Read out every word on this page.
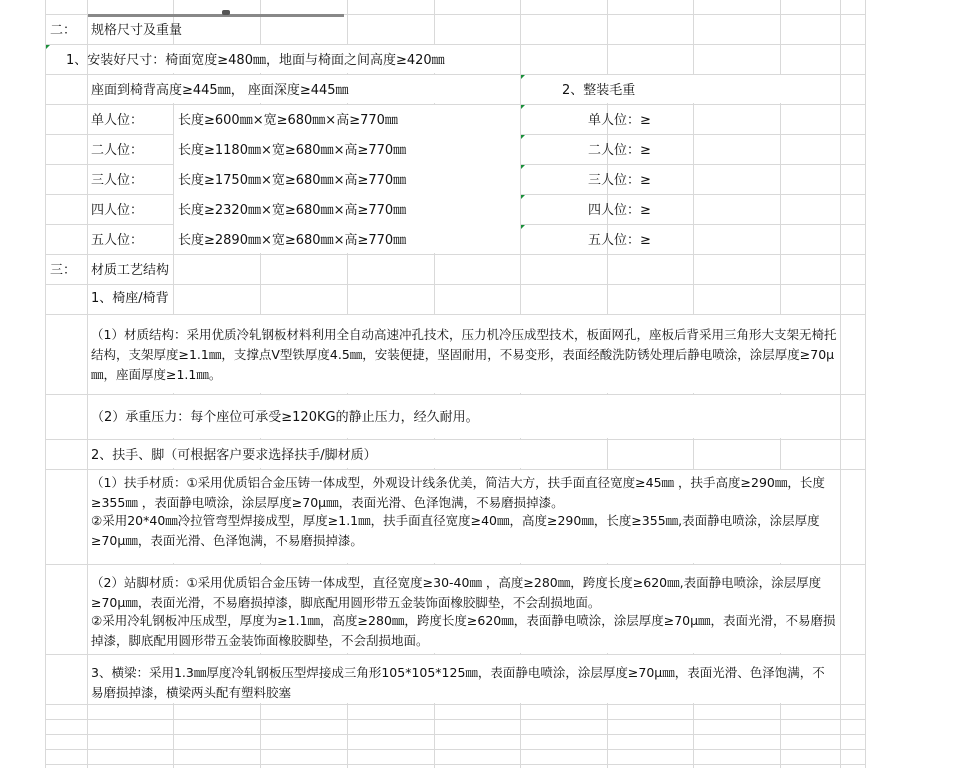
二： 规格尺寸及重量
1、安装好尺寸：椅面宽度≥480㎜，地面与椅面之间高度≥420㎜
座面到椅背高度≥445㎜， 座面深度≥445㎜	2、整装毛重
单人位：	长度≥600㎜×宽≥680㎜×高≥770㎜	单人位：≥
二人位：	长度≥1180㎜×宽≥680㎜×高≥770㎜	二人位：≥
三人位：	长度≥1750㎜×宽≥680㎜×高≥770㎜	三人位：≥
四人位：	长度≥2320㎜×宽≥680㎜×高≥770㎜	四人位：≥
五人位：	长度≥2890㎜×宽≥680㎜×高≥770㎜	五人位：≥
三： 材质工艺结构
1、椅座/椅背
（1）材质结构：采用优质冷轧钢板材料利用全自动高速冲孔技术，压力机冷压成型技术，板面网孔，座板后背采用三角形大支架无椅托结构，支架厚度≥1.1㎜，支撑点V型铁厚度4.5㎜，安装便捷，坚固耐用，不易变形，表面经酸洗防锈处理后静电喷涂，涂层厚度≥70μ㎜，座面厚度≥1.1㎜。
（2）承重压力：每个座位可承受≥120KG的静止压力，经久耐用。
2、扶手、脚（可根据客户要求选择扶手/脚材质）
（1）扶手材质：①采用优质铝合金压铸一体成型，外观设计线条优美，简洁大方，扶手面直径宽度≥45㎜ ，扶手高度≥290㎜，长度≥355㎜ ，表面静电喷涂，涂层厚度≥70μ㎜，表面光滑、色泽饱满，不易磨损掉漆。
②采用20*40㎜冷拉管弯型焊接成型，厚度≥1.1㎜，扶手面直径宽度≥40㎜，高度≥290㎜，长度≥355㎜,表面静电喷涂，涂层厚度≥70μ㎜，表面光滑、色泽饱满，不易磨损掉漆。
（2）站脚材质：①采用优质铝合金压铸一体成型，直径宽度≥30-40㎜ ，高度≥280㎜，跨度长度≥620㎜,表面静电喷涂，涂层厚度≥70μ㎜，表面光滑，不易磨损掉漆，脚底配用圆形带五金装饰面橡胶脚垫，不会刮损地面。
②采用冷轧钢板冲压成型，厚度为≥1.1㎜，高度≥280㎜，跨度长度≥620㎜，表面静电喷涂，涂层厚度≥70μ㎜，表面光滑，不易磨损掉漆，脚底配用圆形带五金装饰面橡胶脚垫，不会刮损地面。
3、横梁：采用1.3㎜厚度冷轧钢板压型焊接成三角形105*105*125㎜，表面静电喷涂，涂层厚度≥70μ㎜，表面光滑、色泽饱满，不易磨损掉漆，横梁两头配有塑料胶塞
